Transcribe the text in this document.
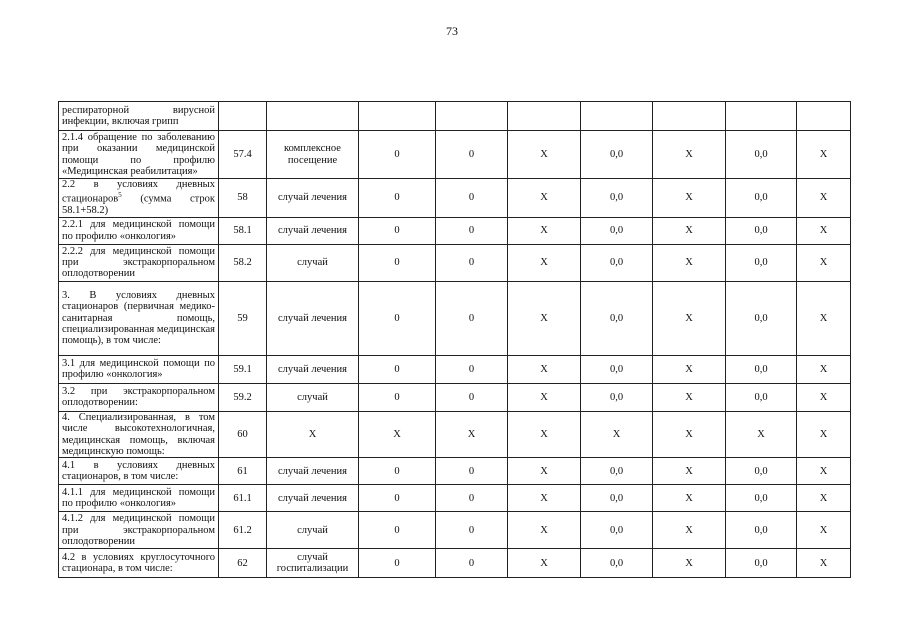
73
респираторной вирусной инфекции, включая грипп									
2.1.4 обращение по заболеванию при оказании медицинской помощи по профилю «Медицинская реабилитация»	57.4	комплексное посещение	0	0	X	0,0	X	0,0	X
2.2 в условиях дневных стационаров$^5$ (сумма строк 58.1+58.2)	58	случай лечения	0	0	X	0,0	X	0,0	X
2.2.1 для медицинской помощи по профилю «онкология»	58.1	случай лечения	0	0	X	0,0	X	0,0	X
2.2.2 для медицинской помощи при экстракорпоральном оплодотворении	58.2	случай	0	0	X	0,0	X	0,0	X
3. В условиях дневных стационаров (первичная медико-санитарная помощь, специализированная медицинская помощь), в том числе:	59	случай лечения	0	0	X	0,0	X	0,0	X
3.1 для медицинской помощи по профилю «онкология»	59.1	случай лечения	0	0	X	0,0	X	0,0	X
3.2 при экстракорпоральном оплодотворении:	59.2	случай	0	0	X	0,0	X	0,0	X
4. Специализированная, в том числе высокотехнологичная, медицинская помощь, включая медицинскую помощь:	60	X	X	X	X	X	X	X	X
4.1 в условиях дневных стационаров, в том числе:	61	случай лечения	0	0	X	0,0	X	0,0	X
4.1.1 для медицинской помощи по профилю «онкология»	61.1	случай лечения	0	0	X	0,0	X	0,0	X
4.1.2 для медицинской помощи при экстракорпоральном оплодотворении	61.2	случай	0	0	X	0,0	X	0,0	X
4.2 в условиях круглосуточного стационара, в том числе:	62	случай госпитализации	0	0	X	0,0	X	0,0	X
